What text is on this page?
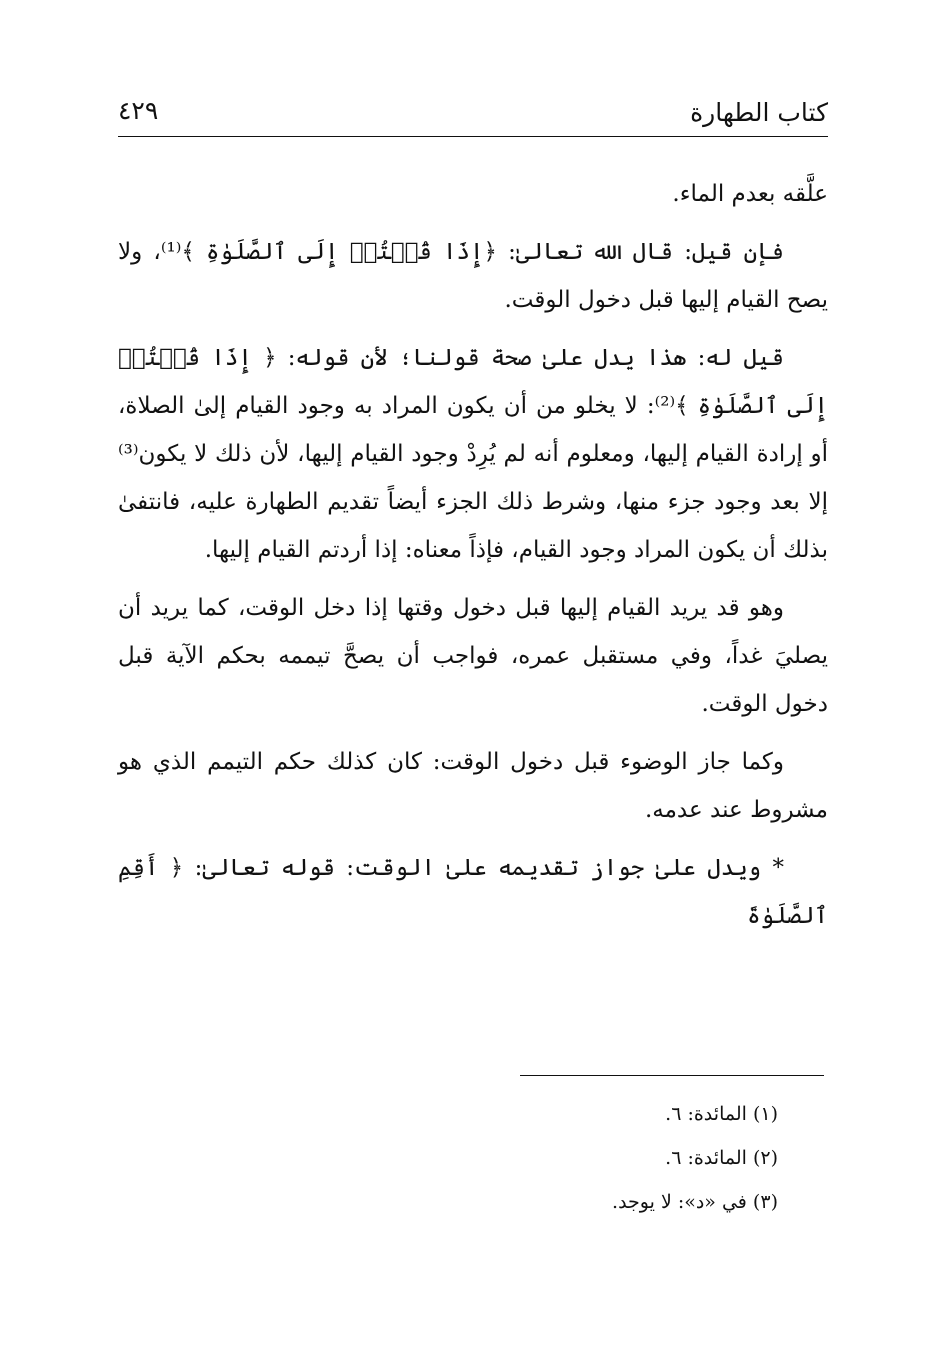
كتاب الطهارة
٤٢٩

علَّقه بعدم الماء.

فإن قيل: قال الله تعالىٰ: ﴿إِذَا قُمۡتُمۡ إِلَى ٱلصَّلَوٰةِ ﴾⁽¹⁾، ولا يصح القيام إليها قبل دخول الوقت.

قيل له: هذا يدل علىٰ صحة قولنا؛ لأن قوله: ﴿ إِذَا قُمۡتُمۡ إِلَى ٱلصَّلَوٰةِ ﴾⁽²⁾: لا يخلو من أن يكون المراد به وجود القيام إلىٰ الصلاة، أو إرادة القيام إليها، ومعلوم أنه لم يُرِدْ وجود القيام إليها، لأن ذلك لا يكون⁽³⁾ إلا بعد وجود جزء منها، وشرط ذلك الجزء أيضاً تقديم الطهارة عليه، فانتفىٰ بذلك أن يكون المراد وجود القيام، فإذاً معناه: إذا أردتم القيام إليها.

وهو قد يريد القيام إليها قبل دخول وقتها إذا دخل الوقت، كما يريد أن يصليَ غداً، وفي مستقبل عمره، فواجب أن يصحَّ تيممه بحكم الآية قبل دخول الوقت.

وكما جاز الوضوء قبل دخول الوقت: كان كذلك حكم التيمم الذي هو مشروط عند عدمه.

* ويدل علىٰ جواز تقديمه علىٰ الوقت: قوله تعالىٰ: ﴿ أَقِمِ ٱلصَّلَوٰةَ

(١) المائدة: ٦.
(٢) المائدة: ٦.
(٣) في «د»: لا يوجد.
